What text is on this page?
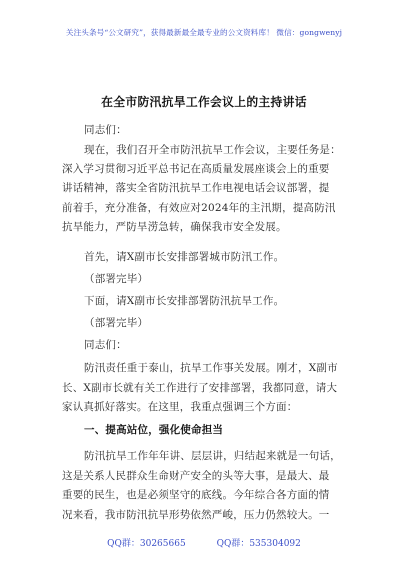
关注头条号“公文研究”，获得最新最全最专业的公文资料库！ 微信：gongwenyj
在全市防汛抗旱工作会议上的主持讲话
同志们：
现在，我们召开全市防汛抗旱工作会议，主要任务是：
深入学习贯彻习近平总书记在高质量发展座谈会上的重要
讲话精神，落实全省防汛抗旱工作电视电话会议部署，提
前着手，充分准备，有效应对2024年的主汛期，提高防汛
抗旱能力，严防旱涝急转，确保我市安全发展。
首先，请X副市长安排部署城市防汛工作。
（部署完毕）
下面，请X副市长安排部署防汛抗旱工作。
（部署完毕）
同志们：
防汛责任重于泰山，抗旱工作事关发展。刚才，X副市
长、X副市长就有关工作进行了安排部署，我都同意，请大
家认真抓好落实。在这里，我重点强调三个方面：
一、提高站位，强化使命担当
防汛抗旱工作年年讲、层层讲，归结起来就是一句话，
这是关系人民群众生命财产安全的头等大事，是最大、最
重要的民生，也是必须坚守的底线。今年综合各方面的情
况来看，我市防汛抗旱形势依然严峻，压力仍然较大。一
QQ群：30265665	QQ群：535304092
